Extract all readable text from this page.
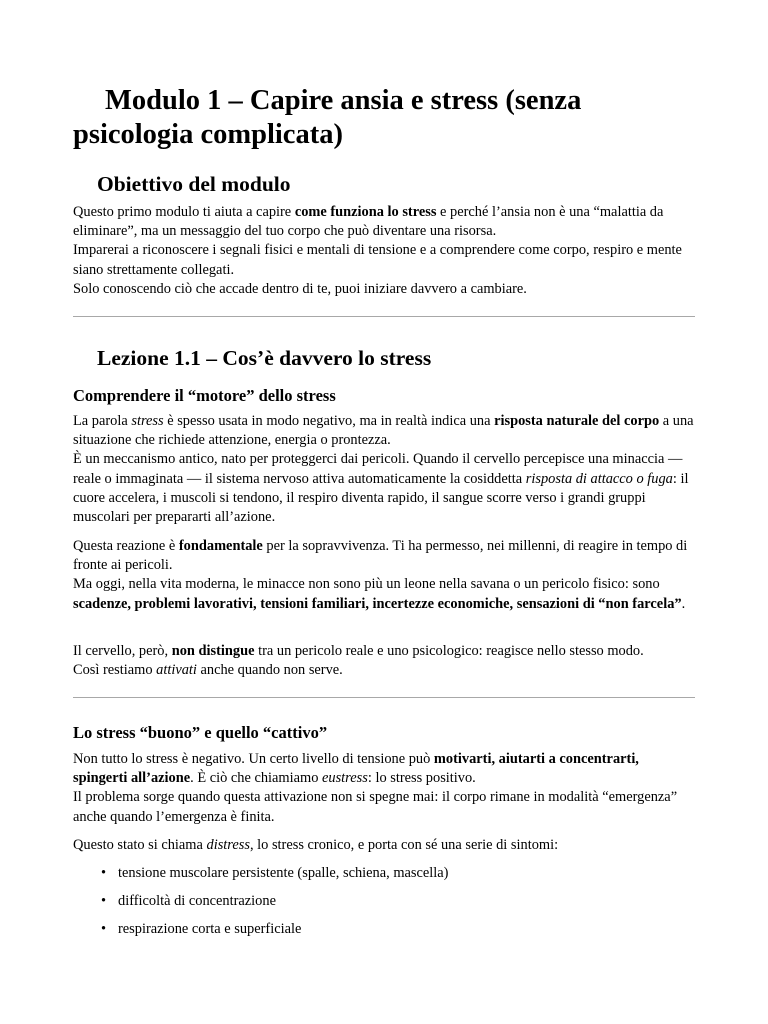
Modulo 1 – Capire ansia e stress (senza
psicologia complicata)
Obiettivo del modulo

Questo primo modulo ti aiuta a capire come funziona lo stress e perché l’ansia non è una “malattia da eliminare”, ma un messaggio del tuo corpo che può diventare una risorsa.
Imparerai a riconoscere i segnali fisici e mentali di tensione e a comprendere come corpo, respiro e mente siano strettamente collegati.
Solo conoscendo ciò che accade dentro di te, puoi iniziare davvero a cambiare.

Lezione 1.1 – Cos’è davvero lo stress
Comprendere il “motore” dello stress

La parola stress è spesso usata in modo negativo, ma in realtà indica una risposta naturale del corpo a una situazione che richiede attenzione, energia o prontezza.
È un meccanismo antico, nato per proteggerci dai pericoli. Quando il cervello percepisce una minaccia — reale o immaginata — il sistema nervoso attiva automaticamente la cosiddetta risposta di attacco o fuga: il cuore accelera, i muscoli si tendono, il respiro diventa rapido, il sangue scorre verso i grandi gruppi muscolari per prepararti all’azione.

Questa reazione è fondamentale per la sopravvivenza. Ti ha permesso, nei millenni, di reagire in tempo di fronte ai pericoli.
Ma oggi, nella vita moderna, le minacce non sono più un leone nella savana o un pericolo fisico: sono scadenze, problemi lavorativi, tensioni familiari, incertezze economiche, sensazioni di “non farcela”.

Il cervello, però, non distingue tra un pericolo reale e uno psicologico: reagisce nello stesso modo.
Così restiamo attivati anche quando non serve.

Lo stress “buono” e quello “cattivo”

Non tutto lo stress è negativo. Un certo livello di tensione può motivarti, aiutarti a concentrarti, spingerti all’azione. È ciò che chiamiamo eustress: lo stress positivo.
Il problema sorge quando questa attivazione non si spegne mai: il corpo rimane in modalità “emergenza” anche quando l’emergenza è finita.

Questo stato si chiama distress, lo stress cronico, e porta con sé una serie di sintomi:

• tensione muscolare persistente (spalle, schiena, mascella)
• difficoltà di concentrazione
• respirazione corta e superficiale
